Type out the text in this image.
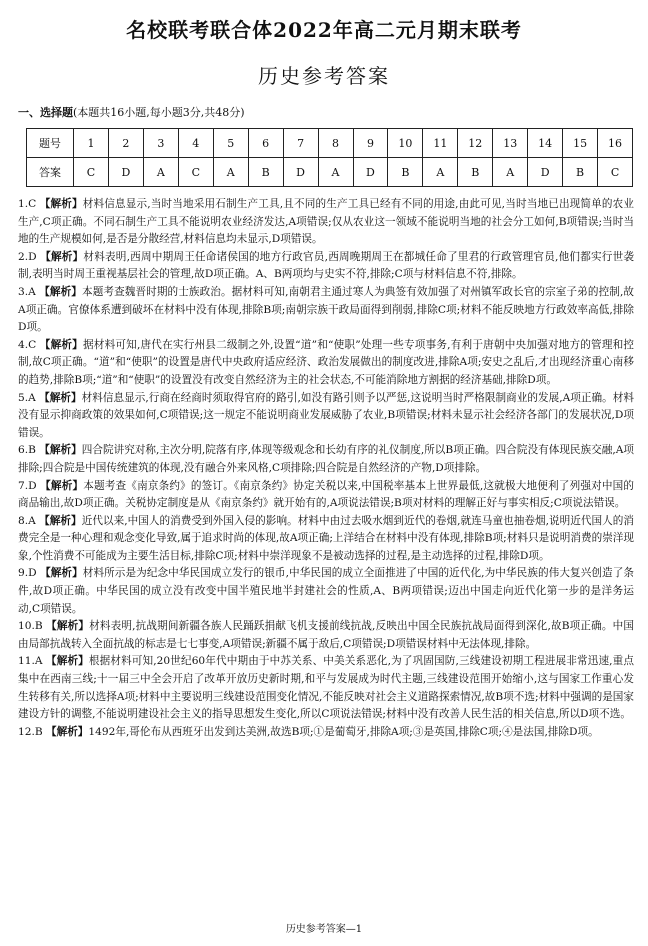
名校联考联合体2022年高二元月期末联考
历史参考答案
一、选择题(本题共16小题,每小题3分,共48分)
题号	1	2	3	4	5	6	7	8	9	10	11	12	13	14	15	16
答案	C	D	A	C	A	B	D	A	D	B	A	B	A	D	B	C
1.C 【解析】材料信息显示,当时当地采用石制生产工具,且不同的生产工具已经有不同的用途,由此可见,当时当地已出现简单的农业生产,C项正确。不同石制生产工具不能说明农业经济发达,A项错误;仅从农业这一领域不能说明当地的社会分工如何,B项错误;当时当地的生产规模如何,是否是分散经营,材料信息均未显示,D项错误。
2.D 【解析】材料表明,西周中期周王任命诸侯国的地方行政官员,西周晚期周王在都城任命了里君的行政管理官员,他们都实行世袭制,表明当时周王重视基层社会的管理,故D项正确。A、B两项均与史实不符,排除;C项与材料信息不符,排除。
3.A 【解析】本题考查魏晋时期的士族政治。据材料可知,南朝君主通过寒人为典签有效加强了对州镇军政长官的宗室子弟的控制,故A项正确。官僚体系遭到破坏在材料中没有体现,排除B项;南朝宗族干政局面得到削弱,排除C项;材料不能反映地方行政效率高低,排除D项。
4.C 【解析】据材料可知,唐代在实行州县二级制之外,设置“道”和“使职”处理一些专项事务,有利于唐朝中央加强对地方的管理和控制,故C项正确。“道”和“使职”的设置是唐代中央政府适应经济、政治发展做出的制度改进,排除A项;安史之乱后,才出现经济重心南移的趋势,排除B项;“道”和“使职”的设置没有改变自然经济为主的社会状态,不可能消除地方割据的经济基础,排除D项。
5.A 【解析】材料信息显示,行商在经商时须取得官府的路引,如没有路引则予以严惩,这说明当时严格限制商业的发展,A项正确。材料没有显示抑商政策的效果如何,C项错误;这一规定不能说明商业发展威胁了农业,B项错误;材料未显示社会经济各部门的发展状况,D项错误。
6.B 【解析】四合院讲究对称,主次分明,院落有序,体现等级观念和长幼有序的礼仪制度,所以B项正确。四合院没有体现民族交融,A项排除;四合院是中国传统建筑的体现,没有融合外来风格,C项排除;四合院是自然经济的产物,D项排除。
7.D 【解析】本题考查《南京条约》的签订。《南京条约》协定关税以来,中国税率基本上世界最低,这就极大地便利了列强对中国的商品输出,故D项正确。关税协定制度是从《南京条约》就开始有的,A项说法错误;B项对材料的理解正好与事实相反;C项说法错误。
8.A 【解析】近代以来,中国人的消费受到外国入侵的影响。材料中由过去吸水烟到近代的卷烟,就连马童也抽卷烟,说明近代国人的消费完全是一种心理和观念变化导致,属于追求时尚的体现,故A项正确;上洋结合在材料中没有体现,排除B项;材料只是说明消费的崇洋现象,个性消费不可能成为主要生活目标,排除C项;材料中崇洋现象不是被动选择的过程,是主动选择的过程,排除D项。
9.D 【解析】材料所示是为纪念中华民国成立发行的银币,中华民国的成立全面推进了中国的近代化,为中华民族的伟大复兴创造了条件,故D项正确。中华民国的成立没有改变中国半殖民地半封建社会的性质,A、B两项错误;迈出中国走向近代化第一步的是洋务运动,C项错误。
10.B 【解析】材料表明,抗战期间新疆各族人民踊跃捐献飞机支援前线抗战,反映出中国全民族抗战局面得到深化,故B项正确。中国由局部抗战转入全面抗战的标志是七七事变,A项错误;新疆不属于敌后,C项错误;D项错误材料中无法体现,排除。
11.A 【解析】根据材料可知,20世纪60年代中期由于中苏关系、中美关系恶化,为了巩固国防,三线建设初期工程进展非常迅速,重点集中在西南三线;十一届三中全会开启了改革开放历史新时期,和平与发展成为时代主题,三线建设范围开始缩小,这与国家工作重心发生转移有关,所以选择A项;材料中主要说明三线建设范围变化情况,不能反映对社会主义道路探索情况,故B项不选;材料中强调的是国家建设方针的调整,不能说明建设社会主义的指导思想发生变化,所以C项说法错误;材料中没有改善人民生活的相关信息,所以D项不选。
12.B 【解析】1492年,哥伦布从西班牙出发到达美洲,故选B项;①是葡萄牙,排除A项;③是英国,排除C项;④是法国,排除D项。
历史参考答案—1
